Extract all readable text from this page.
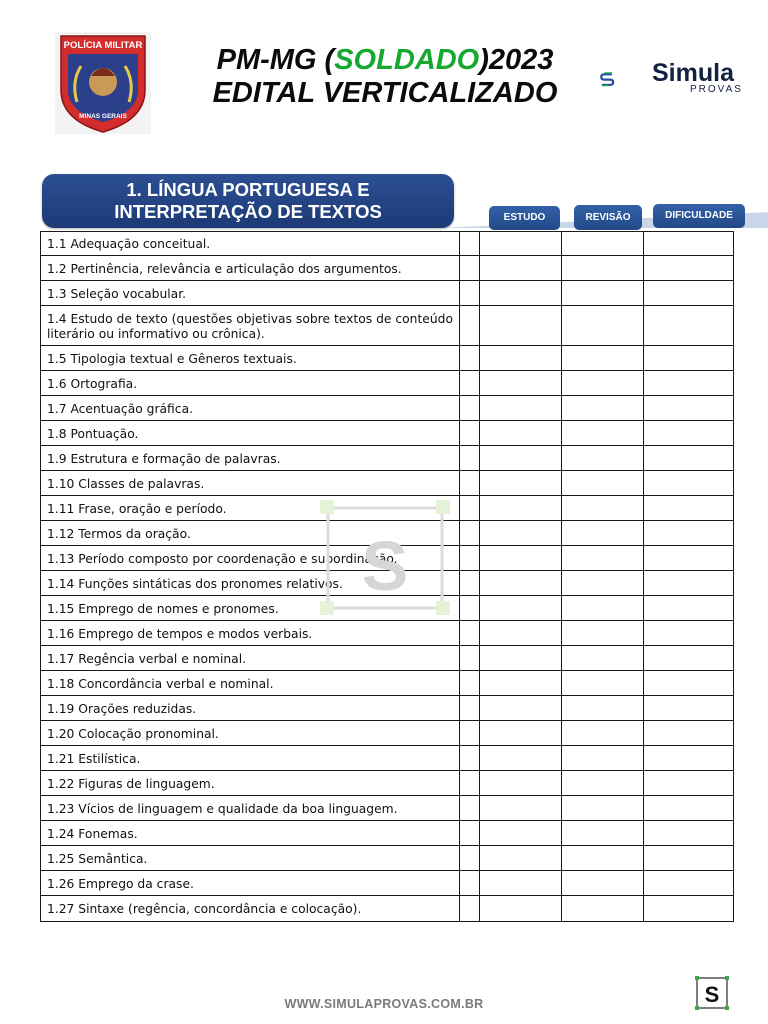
POLÍCIA MILITAR
MINAS GERAIS
PM-MG (SOLDADO)2023
EDITAL VERTICALIZADO
Simula
PROVAS
1. LÍNGUA PORTUGUESA E
INTERPRETAÇÃO DE TEXTOS	ESTUDO	REVISÃO	DIFICULDADE
1.1 Adequação conceitual.
1.2 Pertinência, relevância e articulação dos argumentos.
1.3 Seleção vocabular.
1.4 Estudo de texto (questões objetivas sobre textos de conteúdo literário ou informativo ou crônica).
1.5 Tipologia textual e Gêneros textuais.
1.6 Ortografia.
1.7 Acentuação gráfica.
1.8 Pontuação.
1.9 Estrutura e formação de palavras.
1.10 Classes de palavras.
1.11 Frase, oração e período.
1.12 Termos da oração.
1.13 Período composto por coordenação e subordinação.
1.14 Funções sintáticas dos pronomes relativos.
1.15 Emprego de nomes e pronomes.
1.16 Emprego de tempos e modos verbais.
1.17 Regência verbal e nominal.
1.18 Concordância verbal e nominal.
1.19 Orações reduzidas.
1.20 Colocação pronominal.
1.21 Estilística.
1.22 Figuras de linguagem.
1.23 Vícios de linguagem e qualidade da boa linguagem.
1.24 Fonemas.
1.25 Semântica.
1.26 Emprego da crase.
1.27 Sintaxe (regência, concordância e colocação).
S
WWW.SIMULAPROVAS.COM.BR	S
